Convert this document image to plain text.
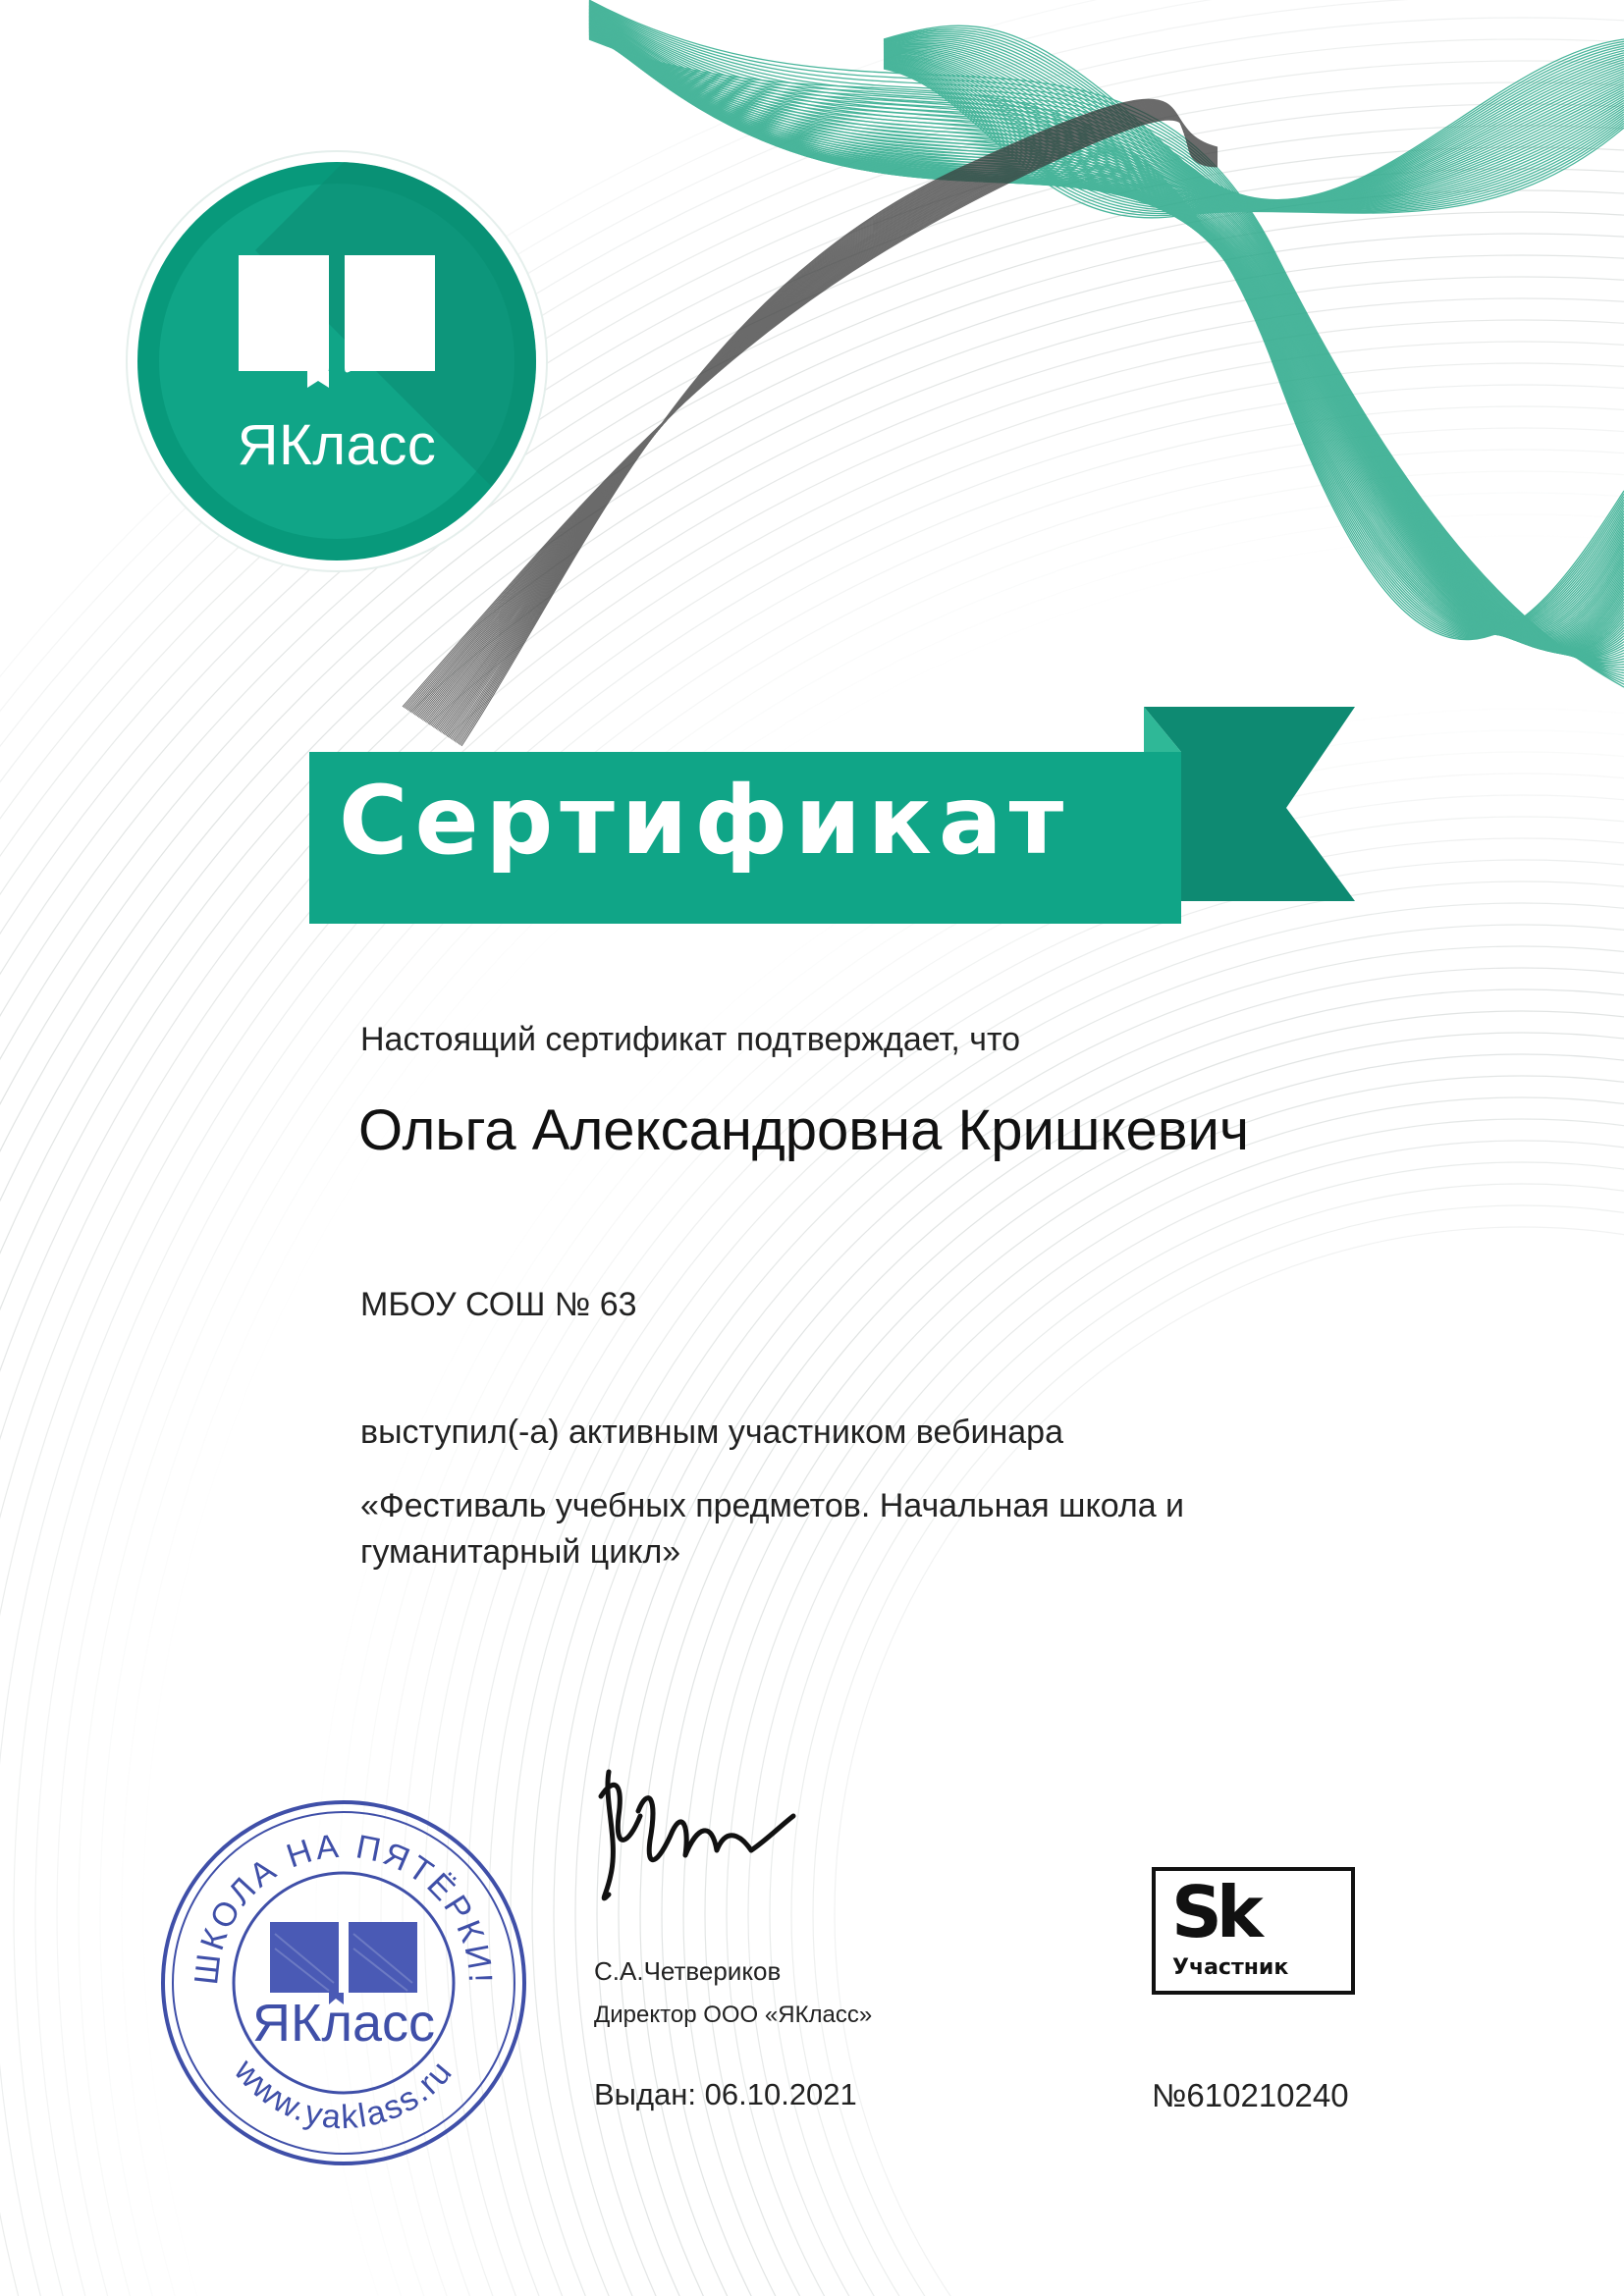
ЯКласс
Сертификат
Настоящий сертификат подтверждает, что
Ольга Александровна Кришкевич
МБОУ СОШ № 63
выступил(-а) активным участником вебинара
«Фестиваль учебных предметов. Начальная школа и гуманитарный цикл»
ШКОЛА НА ПЯТЁРКИ!
www.yaklass.ru
ЯКласс
С.А.Четвериков
Директор ООО «ЯКласс»
Выдан: 06.10.2021
Sk
Участник
№610210240
